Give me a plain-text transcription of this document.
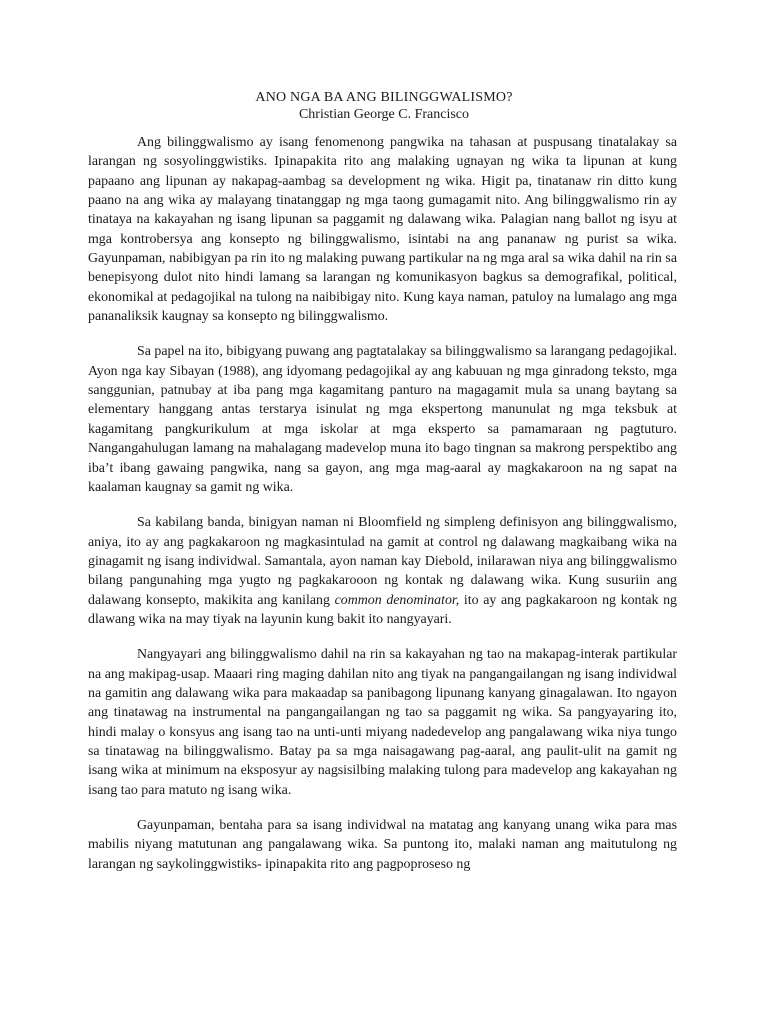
ANO NGA BA ANG BILINGGWALISMO?
Christian George C. Francisco

Ang bilinggwalismo ay isang fenomenong pangwika na tahasan at puspusang tinatalakay sa larangan ng sosyolinggwistiks. Ipinapakita rito ang malaking ugnayan ng wika ta lipunan at kung papaano ang lipunan ay nakapag-aambag sa development ng wika. Higit pa, tinatanaw rin ditto kung paano na ang wika ay malayang tinatanggap ng mga taong gumagamit nito. Ang bilinggwalismo rin ay tinataya na kakayahan ng isang lipunan sa paggamit ng dalawang wika. Palagian nang ballot ng isyu at mga kontrobersya ang konsepto ng bilinggwalismo, isintabi na ang pananaw ng purist sa wika. Gayunpaman, nabibigyan pa rin ito ng malaking puwang partikular na ng mga aral sa wika dahil na rin sa benepisyong dulot nito hindi lamang sa larangan ng komunikasyon bagkus sa demografikal, political, ekonomikal at pedagojikal na tulong na naibibigay nito. Kung kaya naman, patuloy na lumalago ang mga pananaliksik kaugnay sa konsepto ng bilinggwalismo.

Sa papel na ito, bibigyang puwang ang pagtatalakay sa bilinggwalismo sa larangang pedagojikal. Ayon nga kay Sibayan (1988), ang idyomang pedagojikal ay ang kabuuan ng mga ginradong teksto, mga sanggunian, patnubay at iba pang mga kagamitang panturo na magagamit mula sa unang baytang sa elementary hanggang antas terstarya isinulat ng mga ekspertong manunulat ng mga teksbuk at kagamitang pangkurikulum at mga iskolar at mga eksperto sa pamamaraan ng pagtuturo. Nangangahulugan lamang na mahalagang madevelop muna ito bago tingnan sa makrong perspektibo ang iba’t ibang gawaing pangwika, nang sa gayon, ang mga mag-aaral ay magkakaroon na ng sapat na kaalaman kaugnay sa gamit ng wika.

Sa kabilang banda, binigyan naman ni Bloomfield ng simpleng definisyon ang bilinggwalismo, aniya, ito ay ang pagkakaroon ng magkasintulad na gamit at control ng dalawang magkaibang wika na ginagamit ng isang individwal. Samantala, ayon naman kay Diebold, inilarawan niya ang bilinggwalismo bilang pangunahing mga yugto ng pagkakarooon ng kontak ng dalawang wika. Kung susuriin ang dalawang konsepto, makikita ang kanilang common denominator, ito ay ang pagkakaroon ng kontak ng dlawang wika na may tiyak na layunin kung bakit ito nangyayari.

Nangyayari ang bilinggwalismo dahil na rin sa kakayahan ng tao na makapag-interak partikular na ang makipag-usap. Maaari ring maging dahilan nito ang tiyak na pangangailangan ng isang individwal na gamitin ang dalawang wika para makaadap sa panibagong lipunang kanyang ginagalawan. Ito ngayon ang tinatawag na instrumental na pangangailangan ng tao sa paggamit ng wika. Sa pangyayaring ito, hindi malay o konsyus ang isang tao na unti-unti miyang nadedevelop ang pangalawang wika niya tungo sa tinatawag na bilinggwalismo. Batay pa sa mga naisagawang pag-aaral, ang paulit-ulit na gamit ng isang wika at minimum na eksposyur ay nagsisilbing malaking tulong para madevelop ang kakayahan ng isang tao para matuto ng isang wika.

Gayunpaman, bentaha para sa isang individwal na matatag ang kanyang unang wika para mas mabilis niyang matutunan ang pangalawang wika. Sa puntong ito, malaki naman ang maitutulong ng larangan ng saykolinggwistiks- ipinapakita rito ang pagpoproseso ng
